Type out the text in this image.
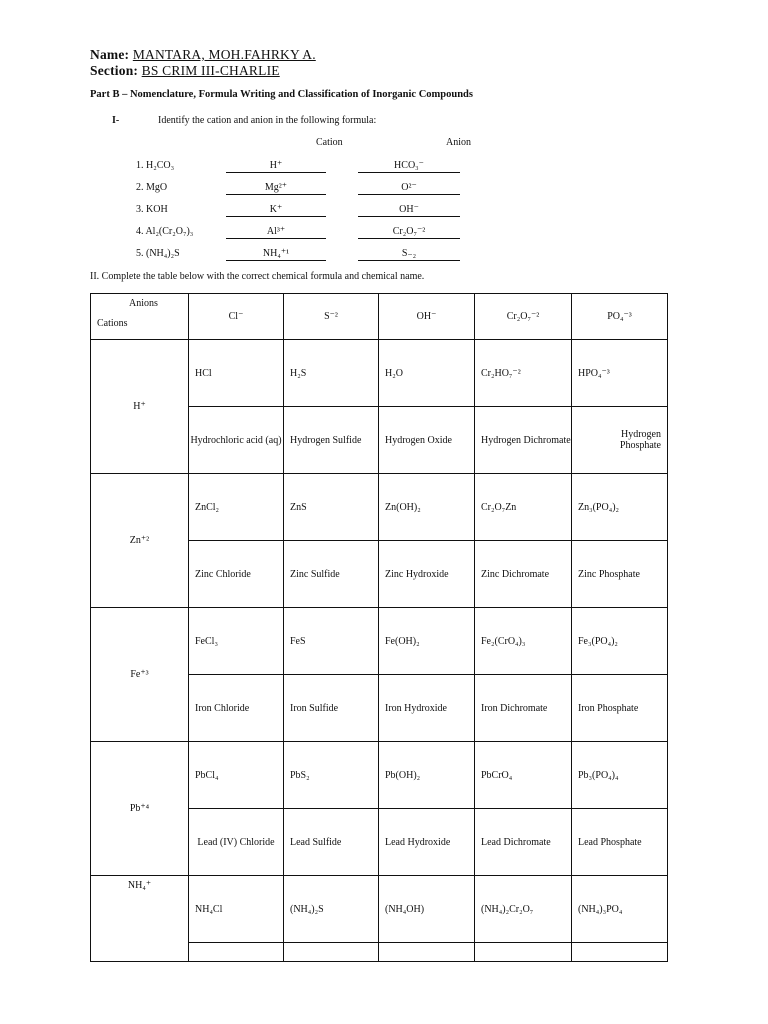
Name: MANTARA, MOH.FAHRKY A.
Section: BS CRIM III-CHARLIE
Part B – Nomenclature, Formula Writing and Classification of Inorganic Compounds
I-	Identify the cation and anion in the following formula:
Cation	Anion
1. H₂CO₃	H⁺	HCO₃⁻
2. MgO	Mg²⁺	O²⁻
3. KOH	K⁺	OH⁻
4. Al₂(Cr₂O₇)₃	Al³⁺	Cr₂O₇⁻²
5. (NH₄)₂S	NH₄⁺¹	S₋₂
II. Complete the table below with the correct chemical formula and chemical name.
Anions
Cations	Cl⁻	S⁻²	OH⁻	Cr₂O₇⁻²	PO₄⁻³
H⁺	HCl	H₂S	H₂O	Cr₂HO₇⁻²	HPO₄⁻³
	Hydrochloric acid (aq)	Hydrogen Sulfide	Hydrogen Oxide	Hydrogen Dichromate	Hydrogen Phosphate
Zn⁺²	ZnCl₂	ZnS	Zn(OH)₂	Cr₂O₇Zn	Zn₃(PO₄)₂
	Zinc Chloride	Zinc Sulfide	Zinc Hydroxide	Zinc Dichromate	Zinc Phosphate
Fe⁺³	FeCl₃	FeS	Fe(OH)₂	Fe₂(CrO₄)₃	Fe₃(PO₄)₂
	Iron Chloride	Iron Sulfide	Iron Hydroxide	Iron Dichromate	Iron Phosphate
Pb⁺⁴	PbCl₄	PbS₂	Pb(OH)₂	PbCrO₄	Pb₃(PO₄)₄
	Lead (IV) Chloride	Lead Sulfide	Lead Hydroxide	Lead Dichromate	Lead Phosphate
NH₄⁺	NH₄Cl	(NH₄)₂S	(NH₄OH)	(NH₄)₂Cr₂O₇	(NH₄)₃PO₄
